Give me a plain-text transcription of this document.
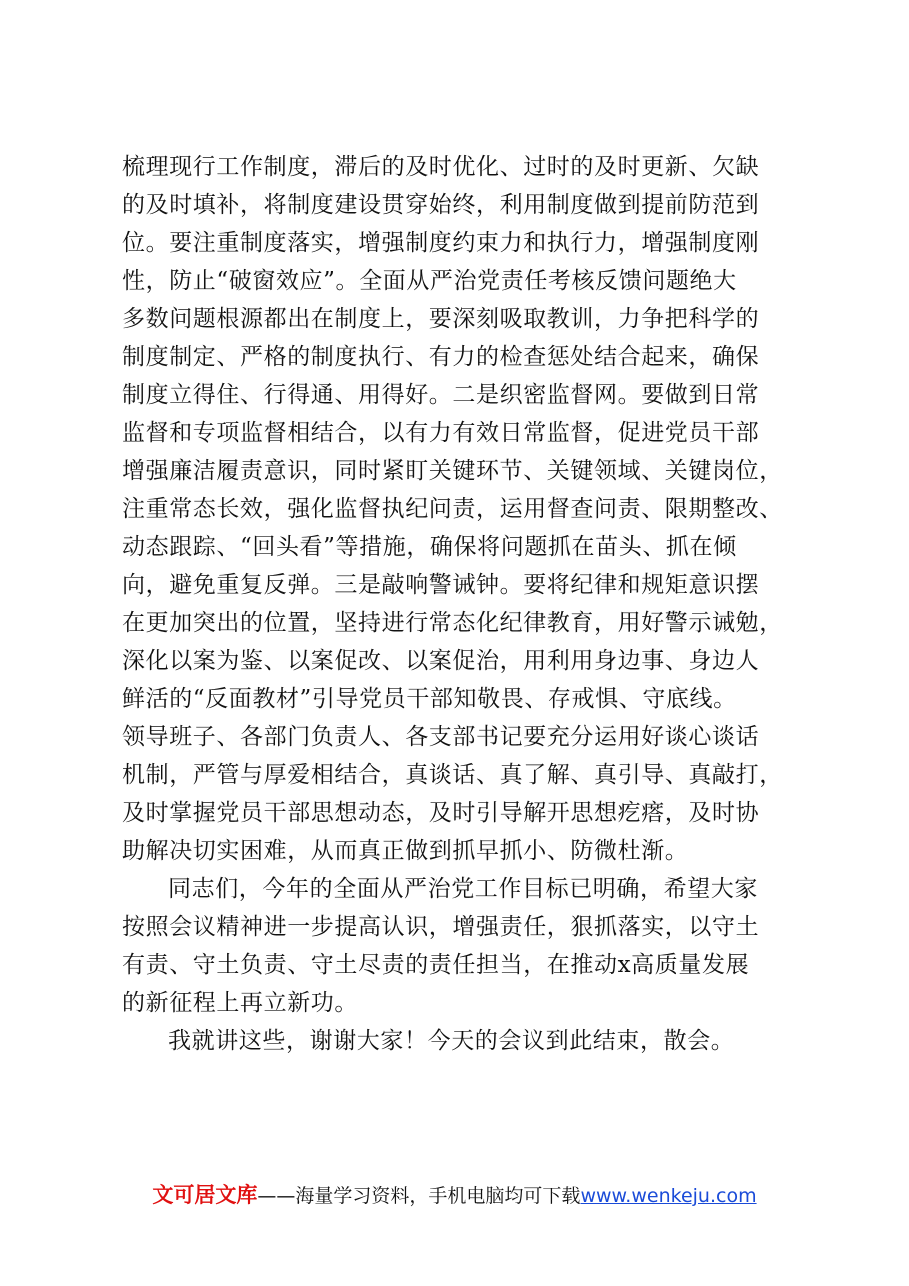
梳理现行工作制度，滞后的及时优化、过时的及时更新、欠缺
的及时填补，将制度建设贯穿始终，利用制度做到提前防范到
位。要注重制度落实，增强制度约束力和执行力，增强制度刚
性，防止“破窗效应”。全面从严治党责任考核反馈问题绝大
多数问题根源都出在制度上，要深刻吸取教训，力争把科学的
制度制定、严格的制度执行、有力的检查惩处结合起来，确保
制度立得住、行得通、用得好。二是织密监督网。要做到日常
监督和专项监督相结合，以有力有效日常监督，促进党员干部
增强廉洁履责意识，同时紧盯关键环节、关键领域、关键岗位，
注重常态长效，强化监督执纪问责，运用督查问责、限期整改、
动态跟踪、“回头看”等措施，确保将问题抓在苗头、抓在倾
向，避免重复反弹。三是敲响警诫钟。要将纪律和规矩意识摆
在更加突出的位置，坚持进行常态化纪律教育，用好警示诫勉，
深化以案为鉴、以案促改、以案促治，用利用身边事、身边人
鲜活的“反面教材”引导党员干部知敬畏、存戒惧、守底线。
领导班子、各部门负责人、各支部书记要充分运用好谈心谈话
机制，严管与厚爱相结合，真谈话、真了解、真引导、真敲打，
及时掌握党员干部思想动态，及时引导解开思想疙瘩，及时协
助解决切实困难，从而真正做到抓早抓小、防微杜渐。

同志们，今年的全面从严治党工作目标已明确，希望大家
按照会议精神进一步提高认识，增强责任，狠抓落实，以守土
有责、守土负责、守土尽责的责任担当，在推动x高质量发展
的新征程上再立新功。

我就讲这些，谢谢大家！今天的会议到此结束，散会。

文可居文库——海量学习资料，手机电脑均可下载www.wenkeju.com
